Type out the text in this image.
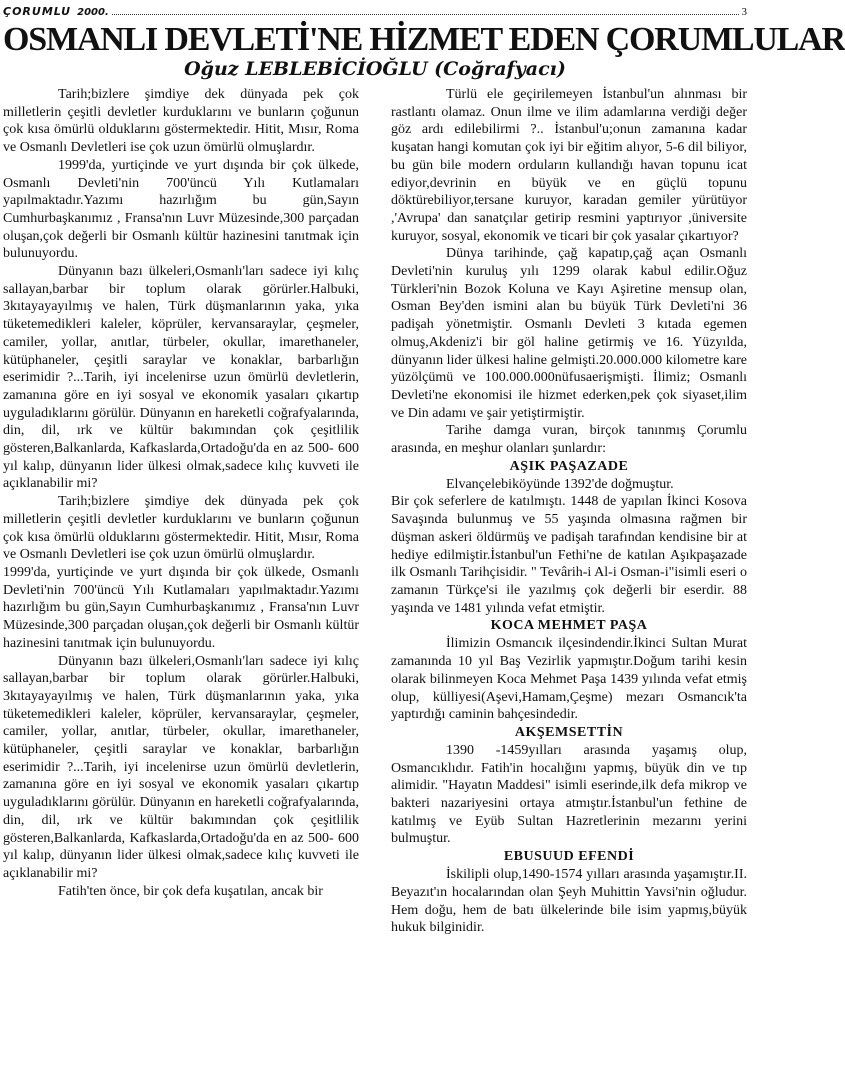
ÇORUMLU 2000.	3
OSMANLI DEVLETİ'NE HİZMET EDEN ÇORUMLULAR
Oğuz LEBLEBİCİOĞLU (Coğrafyacı)

Tarih;bizlere şimdiye dek dünyada pek çok milletlerin çeşitli devletler kurduklarını ve bunların çoğunun çok kısa ömürlü olduklarını göstermektedir. Hitit, Mısır, Roma ve Osmanlı Devletleri ise çok uzun ömürlü olmuşlardır.

1999'da, yurtiçinde ve yurt dışında bir çok ülkede, Osmanlı Devleti'nin 700'üncü Yılı Kutlamaları yapılmaktadır.Yazımı hazırlığım bu gün,Sayın Cumhurbaşkanımız , Fransa'nın Luvr Müzesinde,300 parçadan oluşan,çok değerli bir Osmanlı kültür hazinesini tanıtmak için bulunuyordu.

Dünyanın bazı ülkeleri,Osmanlı'ları sadece iyi kılıç sallayan,barbar bir toplum olarak görürler.Halbuki, 3kıtayayayılmış ve halen, Türk düşmanlarının yaka, yıka tüketemedikleri kaleler, köprüler, kervansaraylar, çeşmeler, camiler, yollar, anıtlar, türbeler, okullar, imarethaneler, kütüphaneler, çeşitli saraylar ve konaklar, barbarlığın eserimidir ?...Tarih, iyi incelenirse uzun ömürlü devletlerin, zamanına göre en iyi sosyal ve ekonomik yasaları çıkartıp uyguladıklarını görülür. Dünyanın en hareketli coğrafyalarında, din, dil, ırk ve kültür bakımından çok çeşitlilik gösteren,Balkanlarda, Kafkaslarda,Ortadoğu'da en az 500- 600 yıl kalıp, dünyanın lider ülkesi olmak,sadece kılıç kuvveti ile açıklanabilir mi?

Tarih;bizlere şimdiye dek dünyada pek çok milletlerin çeşitli devletler kurduklarını ve bunların çoğunun çok kısa ömürlü olduklarını göstermektedir. Hitit, Mısır, Roma ve Osmanlı Devletleri ise çok uzun ömürlü olmuşlardır.

1999'da, yurtiçinde ve yurt dışında bir çok ülkede, Osmanlı Devleti'nin 700'üncü Yılı Kutlamaları yapılmaktadır.Yazımı hazırlığım bu gün,Sayın Cumhurbaşkanımız , Fransa'nın Luvr Müzesinde,300 parçadan oluşan,çok değerli bir Osmanlı kültür hazinesini tanıtmak için bulunuyordu.

Dünyanın bazı ülkeleri,Osmanlı'ları sadece iyi kılıç sallayan,barbar bir toplum olarak görürler.Halbuki, 3kıtayayayılmış ve halen, Türk düşmanlarının yaka, yıka tüketemedikleri kaleler, köprüler, kervansaraylar, çeşmeler, camiler, yollar, anıtlar, türbeler, okullar, imarethaneler, kütüphaneler, çeşitli saraylar ve konaklar, barbarlığın eserimidir ?...Tarih, iyi incelenirse uzun ömürlü devletlerin, zamanına göre en iyi sosyal ve ekonomik yasaları çıkartıp uyguladıklarını görülür. Dünyanın en hareketli coğrafyalarında, din, dil, ırk ve kültür bakımından çok çeşitlilik gösteren,Balkanlarda, Kafkaslarda,Ortadoğu'da en az 500- 600 yıl kalıp, dünyanın lider ülkesi olmak,sadece kılıç kuvveti ile açıklanabilir mi?

Fatih'ten önce, bir çok defa kuşatılan, ancak bir

Türlü ele geçirilemeyen İstanbul'un alınması bir rastlantı olamaz. Onun ilme ve ilim adamlarına verdiği değer göz ardı edilebilirmi ?.. İstanbul'u;onun zamanına kadar kuşatan hangi komutan çok iyi bir eğitim alıyor, 5-6 dil biliyor, bu gün bile modern orduların kullandığı havan topunu icat ediyor,devrinin en büyük ve en güçlü topunu döktürebiliyor,tersane kuruyor, karadan gemiler yürütüyor ,'Avrupa' dan sanatçılar getirip resmini yaptırıyor ,üniversite kuruyor, sosyal, ekonomik ve ticari bir çok yasalar çıkartıyor?

Dünya tarihinde, çağ kapatıp,çağ açan Osmanlı Devleti'nin kuruluş yılı 1299 olarak kabul edilir.Oğuz Türkleri'nin Bozok Koluna ve Kayı Aşiretine mensup olan, Osman Bey'den ismini alan bu büyük Türk Devleti'ni 36 padişah yönetmiştir. Osmanlı Devleti 3 kıtada egemen olmuş,Akdeniz'i bir göl haline getirmiş ve 16. Yüzyılda, dünyanın lider ülkesi haline gelmişti.20.000.000 kilometre kare yüzölçümü ve 100.000.000nüfusaerişmişti. İlimiz; Osmanlı Devleti'ne ekonomisi ile hizmet ederken,pek çok siyaset,ilim ve Din adamı ve şair yetiştirmiştir.

Tarihe damga vuran, birçok tanınmış Çorumlu arasında, en meşhur olanları şunlardır:

AŞIK PAŞAZADE

Elvançelebiköyünde 1392'de doğmuştur.

Bir çok seferlere de katılmıştı. 1448 de yapılan İkinci Kosova Savaşında bulunmuş ve 55 yaşında olmasına rağmen bir düşman askeri öldürmüş ve padişah tarafından kendisine bir at hediye edilmiştir.İstanbul'un Fethi'ne de katılan Aşıkpaşazade ilk Osmanlı Tarihçisidir. " Tevârih-i Al-i Osman-i"isimli eseri o zamanın Türkçe'si ile yazılmış çok değerli bir eserdir. 88 yaşında ve 1481 yılında vefat etmiştir.

KOCA MEHMET PAŞA

İlimizin Osmancık ilçesindendir.İkinci Sultan Murat zamanında 10 yıl Baş Vezirlik yapmıştır.Doğum tarihi kesin olarak bilinmeyen Koca Mehmet Paşa 1439 yılında vefat etmiş olup, külliyesi(Aşevi,Hamam,Çeşme) mezarı Osmancık'ta yaptırdığı caminin bahçesindedir.

AKŞEMSETTİN

1390 -1459yılları arasında yaşamış olup, Osmancıklıdır. Fatih'in hocalığını yapmış, büyük din ve tıp alimidir. "Hayatın Maddesi" isimli eserinde,ilk defa mikrop ve bakteri nazariyesini ortaya atmıştır.İstanbul'un fethine de katılmış ve Eyüb Sultan Hazretlerinin mezarını yerini bulmuştur.

EBUSUUD EFENDİ

İskilipli olup,1490-1574 yılları arasında yaşamıştır.II. Beyazıt'ın hocalarından olan Şeyh Muhittin Yavsi'nin oğludur. Hem doğu, hem de batı ülkelerinde bile isim yapmış,büyük hukuk bilginidir.
